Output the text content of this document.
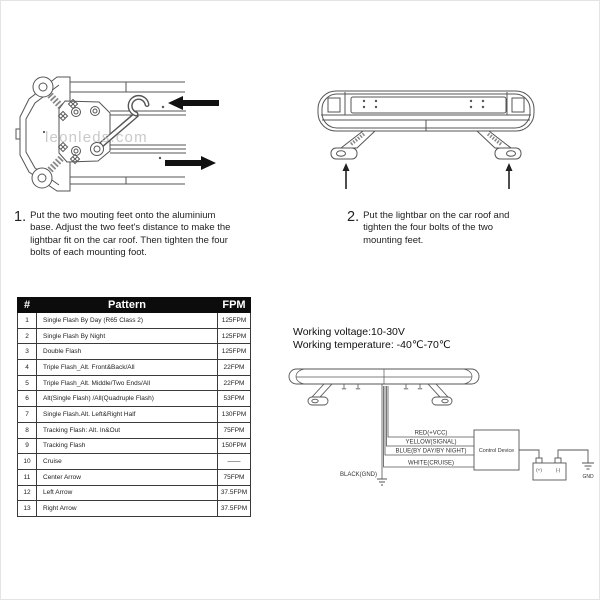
leonleds.com
1. Put the two mouting feet onto the aluminium base. Adjust the two feet's distance to make the lightbar fit on the car roof. Then tighten the four bolts of each mounting foot.
2. Put the lightbar on the car roof and tighten the four bolts of the two mounting feet.
#	Pattern	FPM
1	Single Flash By Day (R65 Class 2)	125FPM
2	Single Flash By Night	125FPM
3	Double Flash	125FPM
4	Triple Flash_Alt. Front&Back/All	22FPM
5	Triple Flash_Alt. Middle/Two Ends/All	22FPM
6	Alt(Single Flash) /All(Quadruple Flash)	53FPM
7	Single Flash.Alt. Left&Right Half	130FPM
8	Tracking Flash: Alt. In&Out	75FPM
9	Tracking Flash	150FPM
10	Cruise	——
11	Center Arrow	75FPM
12	Left Arrow	37.5FPM
13	Right Arrow	37.5FPM
Working voltage:10-30V
Working temperature: -40℃-70℃
RED(+VCC)
YELLOW(SIGNAL)
BLUE(BY DAY/BY NIGHT)
WHITE(CRUISE)
BLACK(GND)
Control Device
(+)	(-)
GND
